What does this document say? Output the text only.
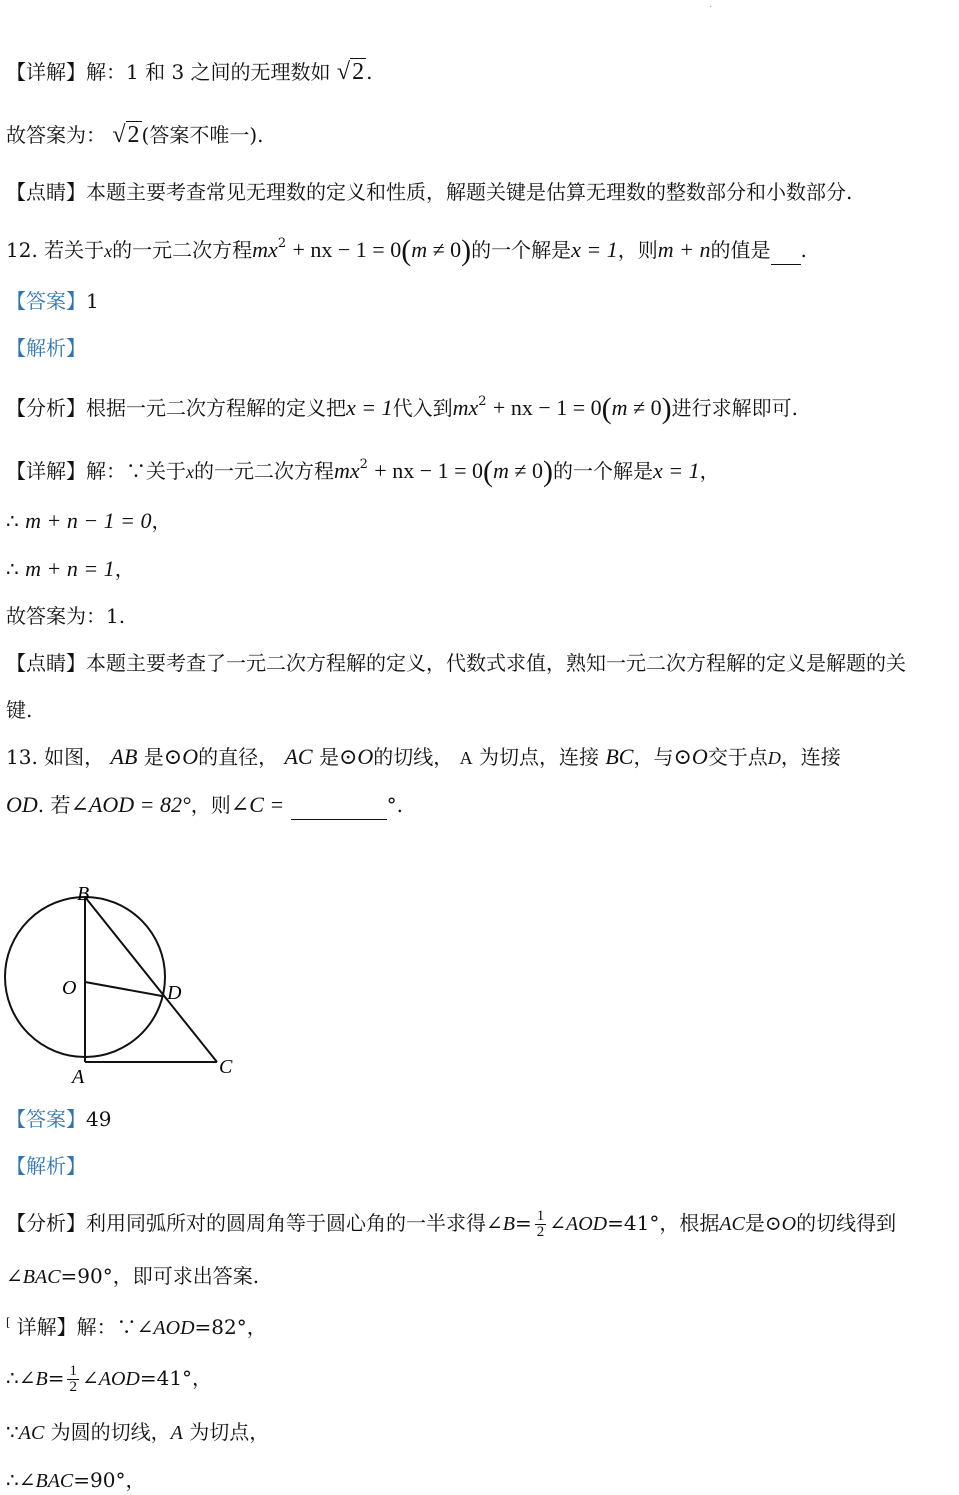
·
【详解】解：1 和 3 之间的无理数如 √2 .
故答案为： √2 (答案不唯一).
【点睛】本题主要考查常见无理数的定义和性质，解题关键是估算无理数的整数部分和小数部分.
12. 若关于x的一元二次方程$mx^2$ + nx − 1 = 0(m ≠ 0)的一个解是x = 1，则m + n的值是 .
【答案】1
【解析】
【分析】根据一元二次方程解的定义把x = 1代入到$mx^2$ + nx − 1 = 0(m ≠ 0)进行求解即可.
【详解】解：∵关于x的一元二次方程$mx^2$ + nx − 1 = 0(m ≠ 0)的一个解是x = 1，
∴ m + n − 1 = 0，
∴ m + n = 1，
故答案为：1.
【点睛】本题主要考查了一元二次方程解的定义，代数式求值，熟知一元二次方程解的定义是解题的关
键.
13. 如图， AB 是⊙O的直径， AC 是⊙O的切线， A 为切点，连接 BC，与⊙O交于点D，连接
OD. 若∠AOD = 82°，则∠C =	°.
B
O	D
A	C
【答案】49
【解析】
【分析】利用同弧所对的圆周角等于圆心角的一半求得∠B= $\frac{1}{2}$ ∠AOD=41°，根据AC是⊙O的切线得到
∠BAC=90°，即可求出答案.
[ 详解】解：∵∠AOD=82°，
∴∠B= $\frac{1}{2}$ ∠AOD=41°，
∵AC 为圆的切线，A 为切点，
∴∠BAC=90°，
